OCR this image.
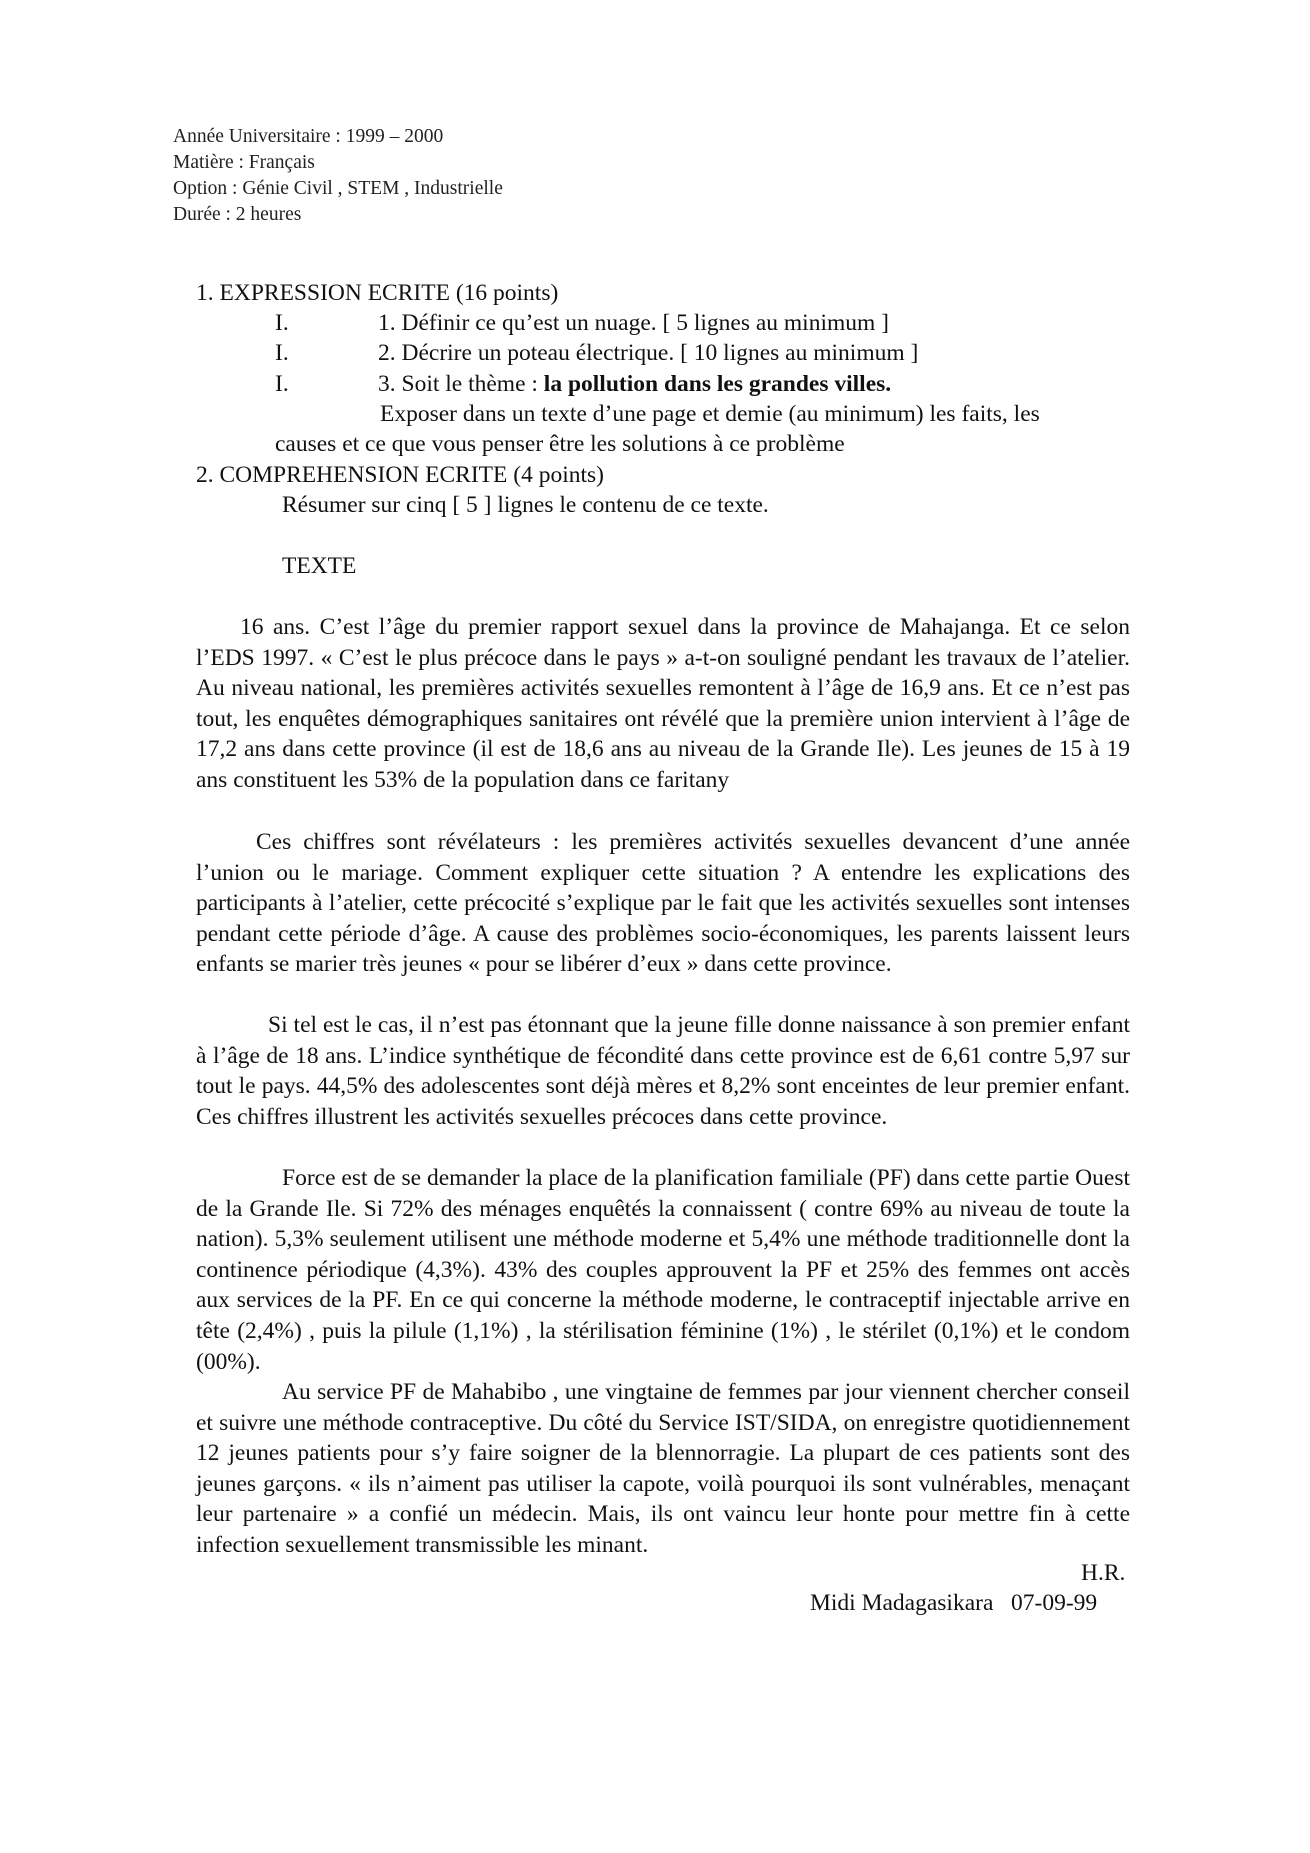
Année Universitaire : 1999 – 2000
Matière : Français
Option : Génie Civil , STEM , Industrielle
Durée : 2 heures
1. EXPRESSION ECRITE (16 points)
I.	1. Définir ce qu’est un nuage. [ 5 lignes au minimum ]
I.	2. Décrire un poteau électrique. [ 10 lignes au minimum ]
I.	3. Soit le thème : la pollution dans les grandes villes.
Exposer dans un texte d’une page et demie (au minimum) les faits, les
causes et ce que vous penser être les solutions à ce problème
2. COMPREHENSION ECRITE (4 points)
Résumer sur cinq [ 5 ] lignes le contenu de ce texte.
TEXTE

16 ans. C’est l’âge du premier rapport sexuel dans la province de Mahajanga. Et ce selon l’EDS 1997. « C’est le plus précoce dans le pays » a-t-on souligné pendant les travaux de l’atelier. Au niveau national, les premières activités sexuelles remontent à l’âge de 16,9 ans. Et ce n’est pas tout, les enquêtes démographiques sanitaires ont révélé que la première union intervient à l’âge de 17,2 ans dans cette province (il est de 18,6 ans au niveau de la Grande Ile). Les jeunes de 15 à 19 ans constituent les 53% de la population dans ce faritany

Ces chiffres sont révélateurs : les premières activités sexuelles devancent d’une année l’union ou le mariage. Comment expliquer cette situation ? A entendre les explications des participants à l’atelier, cette précocité s’explique par le fait que les activités sexuelles sont intenses pendant cette période d’âge. A cause des problèmes socio-économiques, les parents laissent leurs enfants se marier très jeunes « pour se libérer d’eux » dans cette province.

Si tel est le cas, il n’est pas étonnant que la jeune fille donne naissance à son premier enfant à l’âge de 18 ans. L’indice synthétique de fécondité dans cette province est de 6,61 contre 5,97 sur tout le pays. 44,5% des adolescentes sont déjà mères et 8,2% sont enceintes de leur premier enfant. Ces chiffres illustrent les activités sexuelles précoces dans cette province.

Force est de se demander la place de la planification familiale (PF) dans cette partie Ouest de la Grande Ile. Si 72% des ménages enquêtés la connaissent ( contre 69% au niveau de toute la nation). 5,3% seulement utilisent une méthode moderne et 5,4% une méthode traditionnelle dont la continence périodique (4,3%). 43% des couples approuvent la PF et 25% des femmes ont accès aux services de la PF. En ce qui concerne la méthode moderne, le contraceptif injectable arrive en tête (2,4%) , puis la pilule (1,1%) , la stérilisation féminine (1%) , le stérilet (0,1%) et le condom (00%).

Au service PF de Mahabibo , une vingtaine de femmes par jour viennent chercher conseil et suivre une méthode contraceptive. Du côté du Service IST/SIDA, on enregistre quotidiennement 12 jeunes patients pour s’y faire soigner de la blennorragie. La plupart de ces patients sont des jeunes garçons. « ils n’aiment pas utiliser la capote, voilà pourquoi ils sont vulnérables, menaçant leur partenaire » a confié un médecin. Mais, ils ont vaincu leur honte pour mettre fin à cette infection sexuellement transmissible les minant.

H.R.
Midi Madagasikara   07-09-99
